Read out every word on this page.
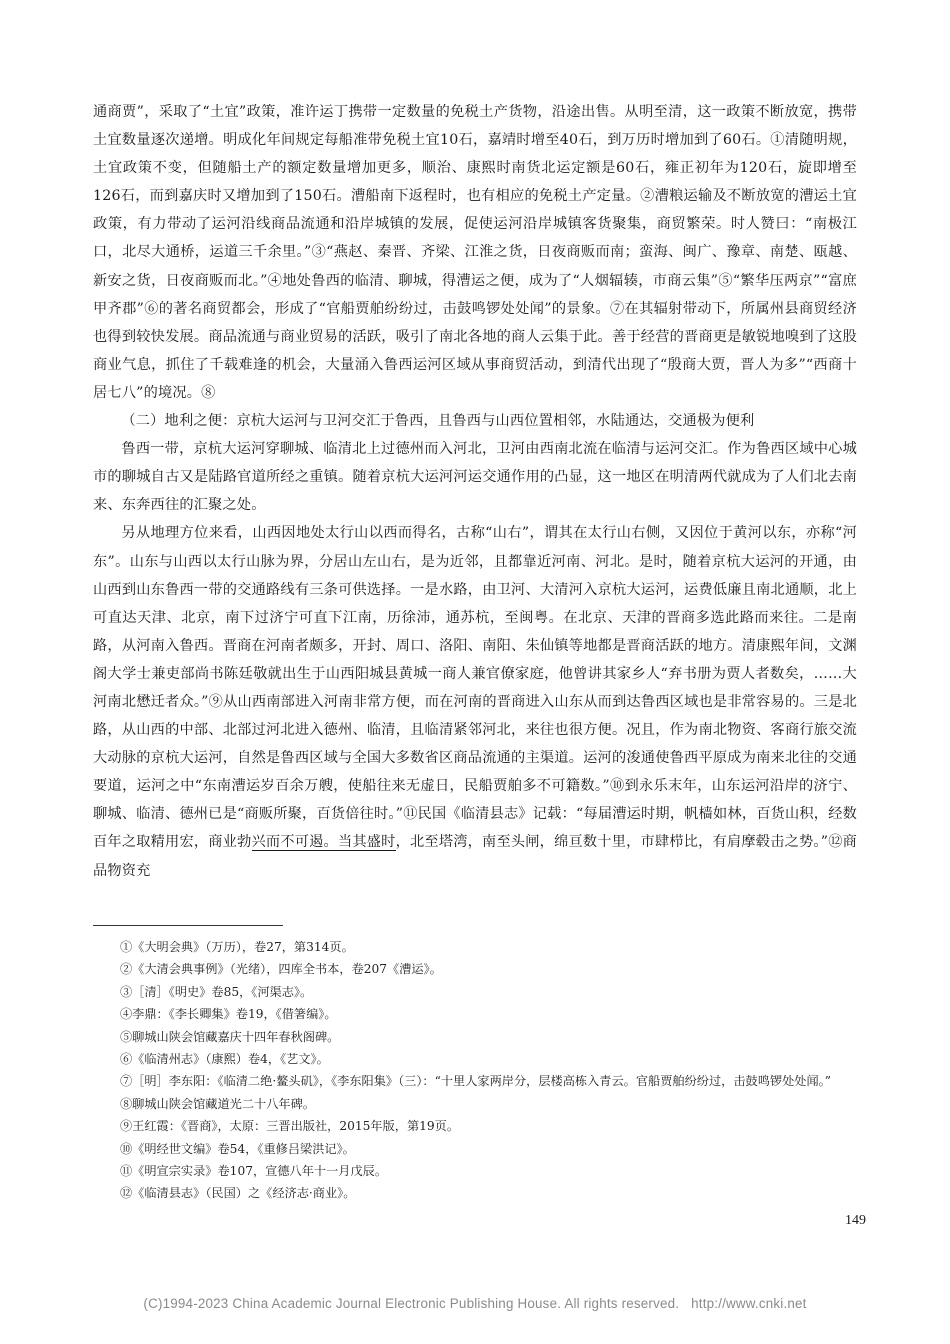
通商贾”，采取了“土宜”政策，准许运丁携带一定数量的免税土产货物，沿途出售。从明至清，这一政策不断放宽，携带土宜数量逐次递增。明成化年间规定每船准带免税土宜10石，嘉靖时增至40石，到万历时增加到了60石。①清随明规，土宜政策不变，但随船土产的额定数量增加更多，顺治、康熙时南货北运定额是60石，雍正初年为120石，旋即增至126石，而到嘉庆时又增加到了150石。漕船南下返程时，也有相应的免税土产定量。②漕粮运输及不断放宽的漕运土宜政策，有力带动了运河沿线商品流通和沿岸城镇的发展，促使运河沿岸城镇客货聚集，商贸繁荣。时人赞曰：“南极江口，北尽大通桥，运道三千余里。”③“燕赵、秦晋、齐梁、江淮之货，日夜商贩而南；蛮海、闽广、豫章、南楚、瓯越、新安之货，日夜商贩而北。”④地处鲁西的临清、聊城，得漕运之便，成为了“人烟辐辏，市商云集”⑤“繁华压两京”“富庶甲齐郡”⑥的著名商贸都会，形成了“官船贾舶纷纷过，击鼓鸣锣处处闻”的景象。⑦在其辐射带动下，所属州县商贸经济也得到较快发展。商品流通与商业贸易的活跃，吸引了南北各地的商人云集于此。善于经营的晋商更是敏锐地嗅到了这股商业气息，抓住了千载难逢的机会，大量涌入鲁西运河区域从事商贸活动，到清代出现了“殷商大贾，晋人为多”“西商十居七八”的境况。⑧

（二）地利之便：京杭大运河与卫河交汇于鲁西，且鲁西与山西位置相邻，水陆通达，交通极为便利

鲁西一带，京杭大运河穿聊城、临清北上过德州而入河北，卫河由西南北流在临清与运河交汇。作为鲁西区域中心城市的聊城自古又是陆路官道所经之重镇。随着京杭大运河河运交通作用的凸显，这一地区在明清两代就成为了人们北去南来、东奔西往的汇聚之处。

另从地理方位来看，山西因地处太行山以西而得名，古称“山右”，谓其在太行山右侧，又因位于黄河以东，亦称“河东”。山东与山西以太行山脉为界，分居山左山右，是为近邻，且都靠近河南、河北。是时，随着京杭大运河的开通，由山西到山东鲁西一带的交通路线有三条可供选择。一是水路，由卫河、大清河入京杭大运河，运费低廉且南北通顺，北上可直达天津、北京，南下过济宁可直下江南，历徐沛，通苏杭，至闽粤。在北京、天津的晋商多选此路而来往。二是南路，从河南入鲁西。晋商在河南者颇多，开封、周口、洛阳、南阳、朱仙镇等地都是晋商活跃的地方。清康熙年间，文渊阁大学士兼吏部尚书陈廷敬就出生于山西阳城县黄城一商人兼官僚家庭，他曾讲其家乡人“弃书册为贾人者数矣，……大河南北懋迁者众。”⑨从山西南部进入河南非常方便，而在河南的晋商进入山东从而到达鲁西区域也是非常容易的。三是北路，从山西的中部、北部过河北进入德州、临清，且临清紧邻河北，来往也很方便。况且，作为南北物资、客商行旅交流大动脉的京杭大运河，自然是鲁西区域与全国大多数省区商品流通的主渠道。运河的浚通使鲁西平原成为南来北往的交通要道，运河之中“东南漕运岁百余万艘，使船往来无虚日，民船贾舶多不可籍数。”⑩到永乐末年，山东运河沿岸的济宁、聊城、临清、德州已是“商贩所聚，百货倍往时。”⑪民国《临清县志》记载：“每届漕运时期，帆樯如林，百货山积，经数百年之取精用宏，商业勃兴而不可遏。当其盛时，北至塔湾，南至头闸，绵亘数十里，市肆栉比，有肩摩毂击之势。”⑫商品物资充

①《大明会典》（万历），卷27，第314页。

②《大清会典事例》（光绪），四库全书本，卷207《漕运》。

③［清］《明史》卷85，《河渠志》。

④李鼎：《李长卿集》卷19，《借箸编》。

⑤聊城山陕会馆藏嘉庆十四年春秋阁碑。

⑥《临清州志》（康熙）卷4，《艺文》。

⑦［明］李东阳：《临清二绝·鳌头矶》，《李东阳集》（三）：“十里人家两岸分，层楼高栋入青云。官船贾舶纷纷过，击鼓鸣锣处处闻。”

⑧聊城山陕会馆藏道光二十八年碑。

⑨王红霞：《晋商》，太原：三晋出版社，2015年版，第19页。

⑩《明经世文编》卷54，《重修吕梁洪记》。

⑪《明宣宗实录》卷107，宣德八年十一月戊辰。

⑫《临清县志》（民国）之《经济志·商业》。

149
(C)1994-2023 China Academic Journal Electronic Publishing House. All rights reserved. http://www.cnki.net
